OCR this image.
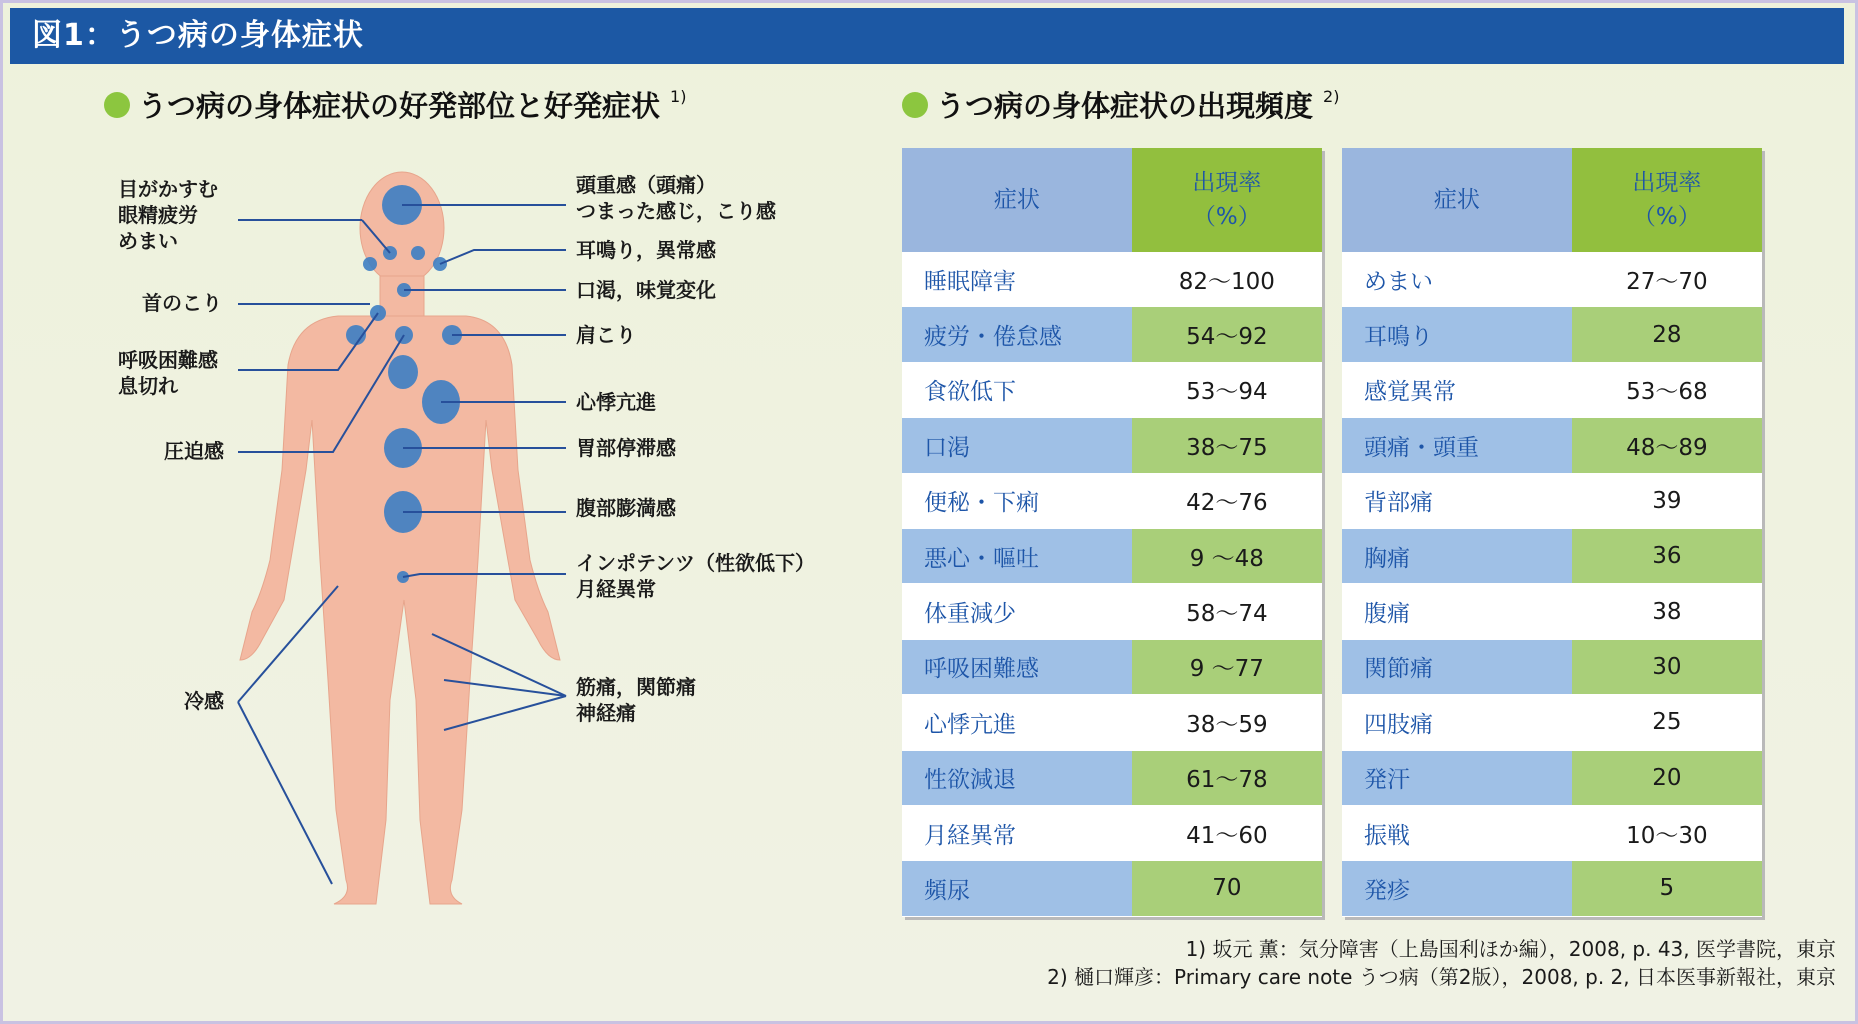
図1：うつ病の身体症状
うつ病の身体症状の好発部位と好発症状 $^{1)}$	うつ病の身体症状の出現頻度 $^{2)}$
目がかすむ
眼精疲労
めまい
首のこり
呼吸困難感
息切れ
圧迫感
冷感
頭重感（頭痛）
つまった感じ，こり感
耳鳴り，異常感
口渇，味覚変化
肩こり
心悸亢進
胃部停滞感
腹部膨満感
インポテンツ（性欲低下）
月経異常
筋痛，関節痛
神経痛
症状	出現率
（%）
睡眠障害	82〜100
疲労・倦怠感	54〜92
食欲低下	53〜94
口渇	38〜75
便秘・下痢	42〜76
悪心・嘔吐	9 〜48
体重減少	58〜74
呼吸困難感	9 〜77
心悸亢進	38〜59
性欲減退	61〜78
月経異常	41〜60
頻尿	70
症状	出現率
（%）
めまい	27〜70
耳鳴り	28
感覚異常	53〜68
頭痛・頭重	48〜89
背部痛	39
胸痛	36
腹痛	38
関節痛	30
四肢痛	25
発汗	20
振戦	10〜30
発疹	5
1) 坂元 薫：気分障害（上島国利ほか編），2008, p. 43, 医学書院，東京
2) 樋口輝彦：Primary care note うつ病（第2版），2008, p. 2, 日本医事新報社，東京
